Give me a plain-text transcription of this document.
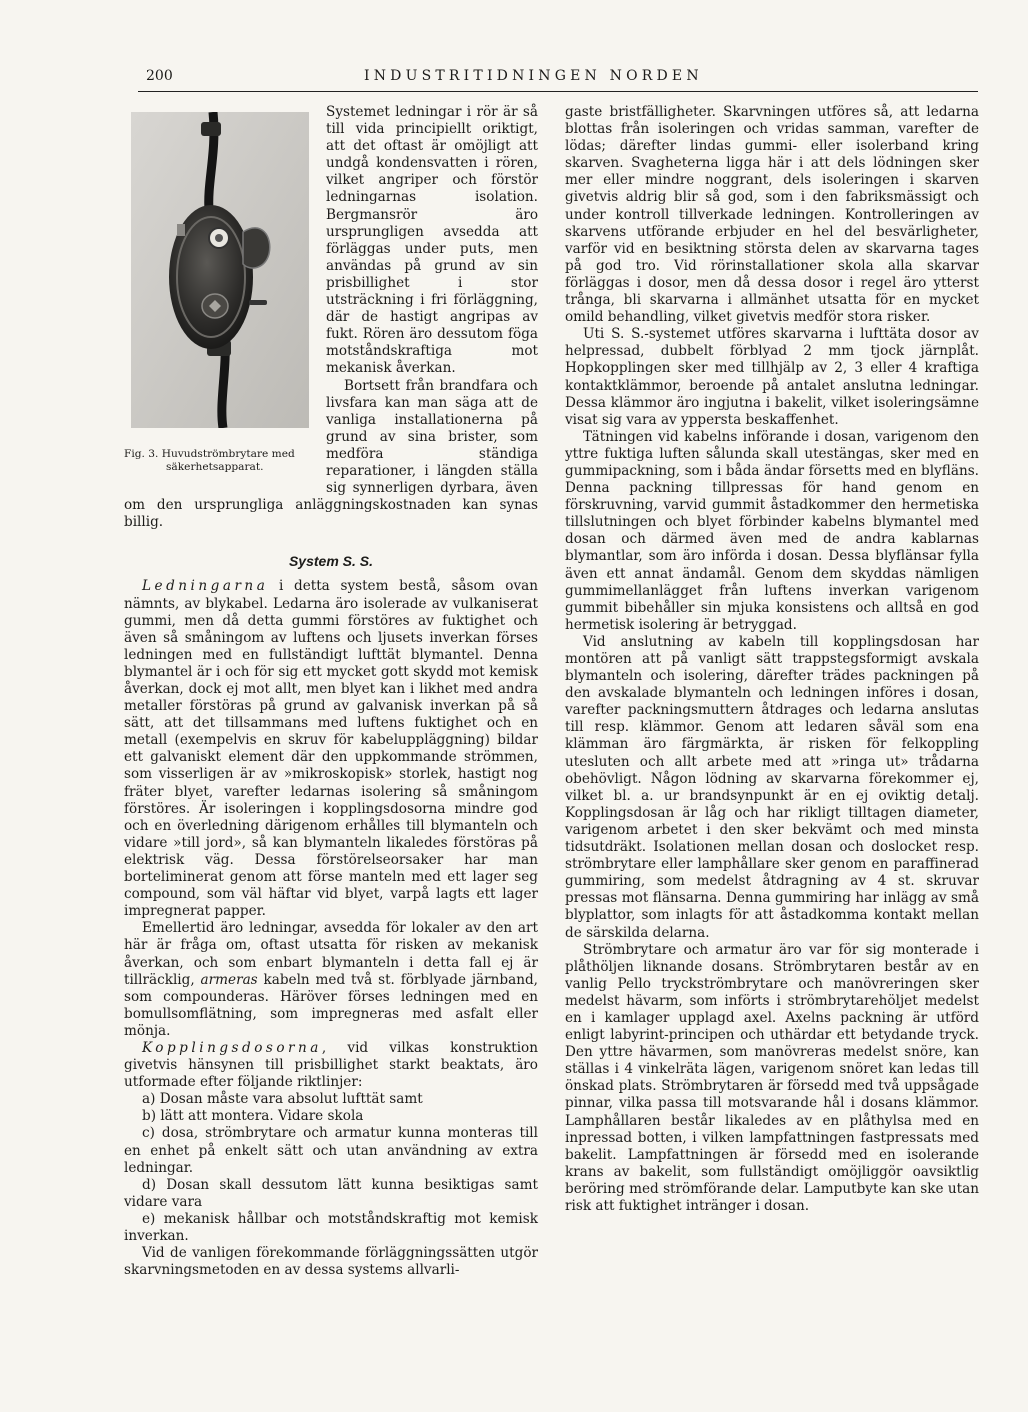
200	INDUSTRITIDNINGEN NORDEN
Fig. 3. Huvudströmbrytare med
säkerhetsapparat.

Systemet ledningar i rör är så till vida principiellt oriktigt, att det oftast är omöjligt att undgå kondensvatten i rören, vilket angriper och förstör ledningarnas isolation. Bergmansrör äro ursprungligen avsedda att förläggas under puts, men användas på grund av sin prisbillighet i stor utsträckning i fri förläggning, där de hastigt angripas av fukt. Rören äro dessutom föga motståndskraftiga mot mekanisk åverkan.

Bortsett från brandfara och livsfara kan man säga att de vanliga installationerna på grund av sina brister, som medföra ständiga reparationer, i längden ställa sig synnerligen dyrbara, även om den ursprungliga anläggningskostnaden kan synas billig.

System S. S.

Ledningarna i detta system bestå, såsom ovan nämnts, av blykabel. Ledarna äro isolerade av vulkaniserat gummi, men då detta gummi förstöres av fuktighet och även så småningom av luftens och ljusets inverkan förses ledningen med en fullständigt lufttät blymantel. Denna blymantel är i och för sig ett mycket gott skydd mot kemisk åverkan, dock ej mot allt, men blyet kan i likhet med andra metaller förstöras på grund av galvanisk inverkan på så sätt, att det tillsammans med luftens fuktighet och en metall (exempelvis en skruv för kabeluppläggning) bildar ett galvaniskt element där den uppkommande strömmen, som visserligen är av »mikroskopisk» storlek, hastigt nog fräter blyet, varefter ledarnas isolering så småningom förstöres. Är isoleringen i kopplingsdosorna mindre god och en överledning därigenom erhålles till blymanteln och vidare »till jord», så kan blymanteln likaledes förstöras på elektrisk väg. Dessa förstörelseorsaker har man borteliminerat genom att förse manteln med ett lager seg compound, som väl häftar vid blyet, varpå lagts ett lager impregnerat papper.

Emellertid äro ledningar, avsedda för lokaler av den art här är fråga om, oftast utsatta för risken av mekanisk åverkan, och som enbart blymanteln i detta fall ej är tillräcklig, armeras kabeln med två st. förblyade järnband, som compounderas. Häröver förses ledningen med en bomullsomflätning, som impregneras med asfalt eller mönja.

Kopplingsdosorna, vid vilkas konstruktion givetvis hänsynen till prisbillighet starkt beaktats, äro utformade efter följande riktlinjer:

a) Dosan måste vara absolut lufttät samt

b) lätt att montera. Vidare skola

c) dosa, strömbrytare och armatur kunna monteras till en enhet på enkelt sätt och utan användning av extra ledningar.

d) Dosan skall dessutom lätt kunna besiktigas samt vidare vara

e) mekanisk hållbar och motståndskraftig mot kemisk inverkan.

Vid de vanligen förekommande förläggningssätten utgör skarvningsmetoden en av dessa systems allvarli-

gaste bristfälligheter. Skarvningen utföres så, att ledarna blottas från isoleringen och vridas samman, varefter de lödas; därefter lindas gummi- eller isolerband kring skarven. Svagheterna ligga här i att dels lödningen sker mer eller mindre noggrant, dels isoleringen i skarven givetvis aldrig blir så god, som i den fabriksmässigt och under kontroll tillverkade ledningen. Kontrolleringen av skarvens utförande erbjuder en hel del besvärligheter, varför vid en besiktning största delen av skarvarna tages på god tro. Vid rörinstallationer skola alla skarvar förläggas i dosor, men då dessa dosor i regel äro ytterst trånga, bli skarvarna i allmänhet utsatta för en mycket omild behandling, vilket givetvis medför stora risker.

Uti S. S.-systemet utföres skarvarna i lufttäta dosor av helpressad, dubbelt förblyad 2 mm tjock järnplåt. Hopkopplingen sker med tillhjälp av 2, 3 eller 4 kraftiga kontaktklämmor, beroende på antalet anslutna ledningar. Dessa klämmor äro ingjutna i bakelit, vilket isoleringsämne visat sig vara av yppersta beskaffenhet.

Tätningen vid kabelns införande i dosan, varigenom den yttre fuktiga luften sålunda skall utestängas, sker med en gummipackning, som i båda ändar försetts med en blyfläns. Denna packning tillpressas för hand genom en förskruvning, varvid gummit åstadkommer den hermetiska tillslutningen och blyet förbinder kabelns blymantel med dosan och därmed även med de andra kablarnas blymantlar, som äro införda i dosan. Dessa blyflänsar fylla även ett annat ändamål. Genom dem skyddas nämligen gummimellanlägget från luftens inverkan varigenom gummit bibehåller sin mjuka konsistens och alltså en god hermetisk isolering är betryggad.

Vid anslutning av kabeln till kopplingsdosan har montören att på vanligt sätt trappstegsformigt avskala blymanteln och isolering, därefter trädes packningen på den avskalade blymanteln och ledningen införes i dosan, varefter packningsmuttern åtdrages och ledarna anslutas till resp. klämmor. Genom att ledaren såväl som ena klämman äro färgmärkta, är risken för felkoppling utesluten och allt arbete med att »ringa ut» trådarna obehövligt. Någon lödning av skarvarna förekommer ej, vilket bl. a. ur brandsynpunkt är en ej oviktig detalj. Kopplingsdosan är låg och har rikligt tilltagen diameter, varigenom arbetet i den sker bekvämt och med minsta tidsutdräkt. Isolationen mellan dosan och doslocket resp. strömbrytare eller lamphållare sker genom en paraffinerad gummiring, som medelst åtdragning av 4 st. skruvar pressas mot flänsarna. Denna gummiring har inlägg av små blyplattor, som inlagts för att åstadkomma kontakt mellan de särskilda delarna.

Strömbrytare och armatur äro var för sig monterade i plåthöljen liknande dosans. Strömbrytaren består av en vanlig Pello tryckströmbrytare och manövreringen sker medelst hävarm, som införts i strömbrytarehöljet medelst en i kamlager upplagd axel. Axelns packning är utförd enligt labyrint-principen och uthärdar ett betydande tryck. Den yttre hävarmen, som manövreras medelst snöre, kan ställas i 4 vinkelräta lägen, varigenom snöret kan ledas till önskad plats. Strömbrytaren är försedd med två uppsågade pinnar, vilka passa till motsvarande hål i dosans klämmor. Lamphållaren består likaledes av en plåthylsa med en inpressad botten, i vilken lampfattningen fastpressats med bakelit. Lampfattningen är försedd med en isolerande krans av bakelit, som fullständigt omöjliggör oavsiktlig beröring med strömförande delar. Lamputbyte kan ske utan risk att fuktighet intränger i dosan.
